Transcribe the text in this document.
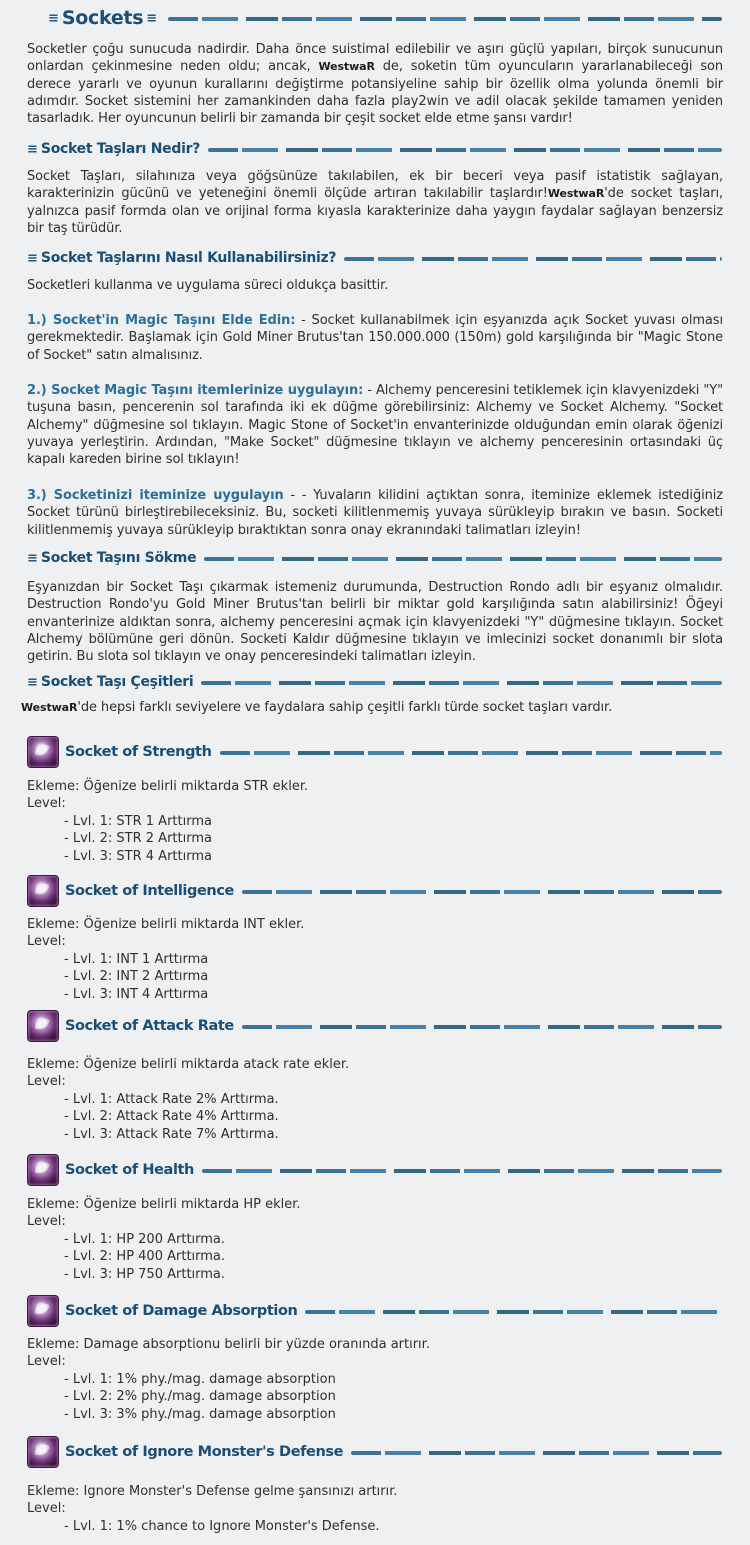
≡ Sockets ≡

Socketler çoğu sunucuda nadirdir. Daha önce suistimal edilebilir ve aşırı güçlü yapıları, birçok sunucunun onlardan çekinmesine neden oldu; ancak, WestwaR de, soketin tüm oyuncuların yararlanabileceği son derece yararlı ve oyunun kurallarını değiştirme potansiyeline sahip bir özellik olma yolunda önemli bir adımdır. Socket sistemini her zamankinden daha fazla play2win ve adil olacak şekilde tamamen yeniden tasarladık. Her oyuncunun belirli bir zamanda bir çeşit socket elde etme şansı vardır!

≡ Socket Taşları Nedir?

Socket Taşları, silahınıza veya göğsünüze takılabilen, ek bir beceri veya pasif istatistik sağlayan, karakterinizin gücünü ve yeteneğini önemli ölçüde artıran takılabilir taşlardır!WestwaR'de socket taşları, yalnızca pasif formda olan ve orijinal forma kıyasla karakterinize daha yaygın faydalar sağlayan benzersiz bir taş türüdür.

≡ Socket Taşlarını Nasıl Kullanabilirsiniz?

Socketleri kullanma ve uygulama süreci oldukça basittir.

1.) Socket'in Magic Taşını Elde Edin: - Socket kullanabilmek için eşyanızda açık Socket yuvası olması gerekmektedir. Başlamak için Gold Miner Brutus'tan 150.000.000 (150m) gold karşılığında bir "Magic Stone of Socket" satın almalısınız.

2.) Socket Magic Taşını itemlerinize uygulayın: - Alchemy penceresini tetiklemek için klavyenizdeki "Y" tuşuna basın, pencerenin sol tarafında iki ek düğme görebilirsiniz: Alchemy ve Socket Alchemy. "Socket Alchemy" düğmesine sol tıklayın. Magic Stone of Socket'in envanterinizde olduğundan emin olarak öğenizi yuvaya yerleştirin. Ardından, "Make Socket" düğmesine tıklayın ve alchemy penceresinin ortasındaki üç kapalı kareden birine sol tıklayın!

3.) Socketinizi iteminize uygulayın - - Yuvaların kilidini açtıktan sonra, iteminize eklemek istediğiniz Socket türünü birleştirebileceksiniz. Bu, socketi kilitlenmemiş yuvaya sürükleyip bırakın ve basın. Socketi kilitlenmemiş yuvaya sürükleyip bıraktıktan sonra onay ekranındaki talimatları izleyin!

≡ Socket Taşını Sökme

Eşyanızdan bir Socket Taşı çıkarmak istemeniz durumunda, Destruction Rondo adlı bir eşyanız olmalıdır. Destruction Rondo'yu Gold Miner Brutus'tan belirli bir miktar gold karşılığında satın alabilirsiniz! Öğeyi envanterinize aldıktan sonra, alchemy penceresini açmak için klavyenizdeki "Y" düğmesine tıklayın. Socket Alchemy bölümüne geri dönün. Socketi Kaldır düğmesine tıklayın ve imlecinizi socket donanımlı bir slota getirin. Bu slota sol tıklayın ve onay penceresindeki talimatları izleyin.

≡ Socket Taşı Çeşitleri

WestwaR'de hepsi farklı seviyelere ve faydalara sahip çeşitli farklı türde socket taşları vardır.

Socket of Strength
Ekleme: Öğenize belirli miktarda STR ekler.
Level:
- Lvl. 1: STR 1 Arttırma
- Lvl. 2: STR 2 Arttırma
- Lvl. 3: STR 4 Arttırma
Socket of Intelligence
Ekleme: Öğenize belirli miktarda INT ekler.
Level:
- Lvl. 1: INT 1 Arttırma
- Lvl. 2: INT 2 Arttırma
- Lvl. 3: INT 4 Arttırma
Socket of Attack Rate
Ekleme: Öğenize belirli miktarda atack rate ekler.
Level:
- Lvl. 1: Attack Rate 2% Arttırma.
- Lvl. 2: Attack Rate 4% Arttırma.
- Lvl. 3: Attack Rate 7% Arttırma.
Socket of Health
Ekleme: Öğenize belirli miktarda HP ekler.
Level:
- Lvl. 1: HP 200 Arttırma.
- Lvl. 2: HP 400 Arttırma.
- Lvl. 3: HP 750 Arttırma.
Socket of Damage Absorption
Ekleme: Damage absorptionu belirli bir yüzde oranında artırır.
Level:
- Lvl. 1: 1% phy./mag. damage absorption
- Lvl. 2: 2% phy./mag. damage absorption
- Lvl. 3: 3% phy./mag. damage absorption
Socket of Ignore Monster's Defense
Ekleme: Ignore Monster's Defense gelme şansınızı artırır.
Level:
- Lvl. 1: 1% chance to Ignore Monster's Defense.
